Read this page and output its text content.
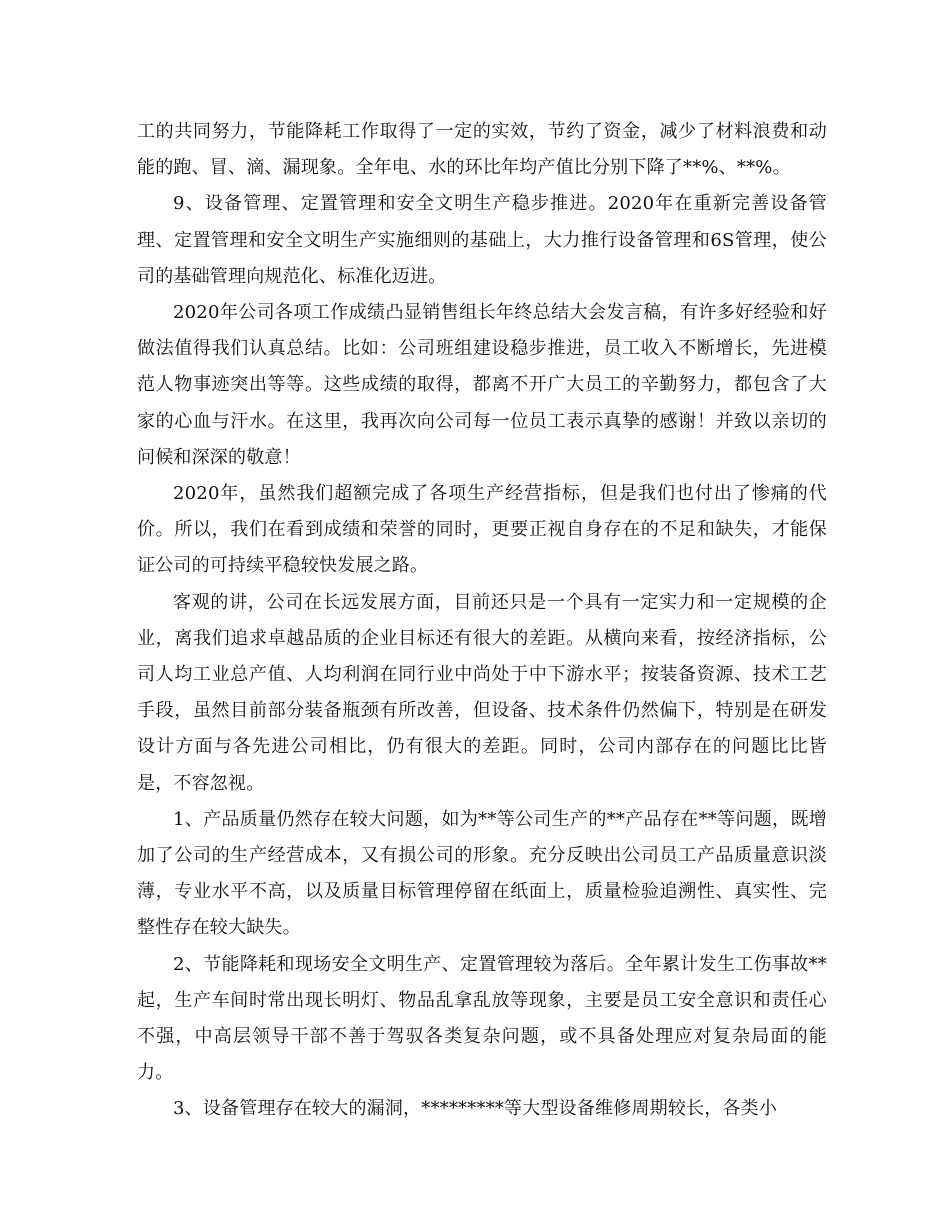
工的共同努力，节能降耗工作取得了一定的实效，节约了资金，减少了材料浪费和动能的跑、冒、滴、漏现象。全年电、水的环比年均产值比分别下降了**%、**%。

9、设备管理、定置管理和安全文明生产稳步推进。2020年在重新完善设备管理、定置管理和安全文明生产实施细则的基础上，大力推行设备管理和6S管理，使公司的基础管理向规范化、标准化迈进。

2020年公司各项工作成绩凸显销售组长年终总结大会发言稿，有许多好经验和好做法值得我们认真总结。比如：公司班组建设稳步推进，员工收入不断增长，先进模范人物事迹突出等等。这些成绩的取得，都离不开广大员工的辛勤努力，都包含了大家的心血与汗水。在这里，我再次向公司每一位员工表示真挚的感谢！并致以亲切的问候和深深的敬意！

2020年，虽然我们超额完成了各项生产经营指标，但是我们也付出了惨痛的代价。所以，我们在看到成绩和荣誉的同时，更要正视自身存在的不足和缺失，才能保证公司的可持续平稳较快发展之路。

客观的讲，公司在长远发展方面，目前还只是一个具有一定实力和一定规模的企业，离我们追求卓越品质的企业目标还有很大的差距。从横向来看，按经济指标，公司人均工业总产值、人均利润在同行业中尚处于中下游水平；按装备资源、技术工艺手段，虽然目前部分装备瓶颈有所改善，但设备、技术条件仍然偏下，特别是在研发设计方面与各先进公司相比，仍有很大的差距。同时，公司内部存在的问题比比皆是，不容忽视。

1、产品质量仍然存在较大问题，如为**等公司生产的**产品存在**等问题，既增加了公司的生产经营成本，又有损公司的形象。充分反映出公司员工产品质量意识淡薄，专业水平不高，以及质量目标管理停留在纸面上，质量检验追溯性、真实性、完整性存在较大缺失。

2、节能降耗和现场安全文明生产、定置管理较为落后。全年累计发生工伤事故**起，生产车间时常出现长明灯、物品乱拿乱放等现象，主要是员工安全意识和责任心不强，中高层领导干部不善于驾驭各类复杂问题，或不具备处理应对复杂局面的能力。

3、设备管理存在较大的漏洞，*********等大型设备维修周期较长，各类小
